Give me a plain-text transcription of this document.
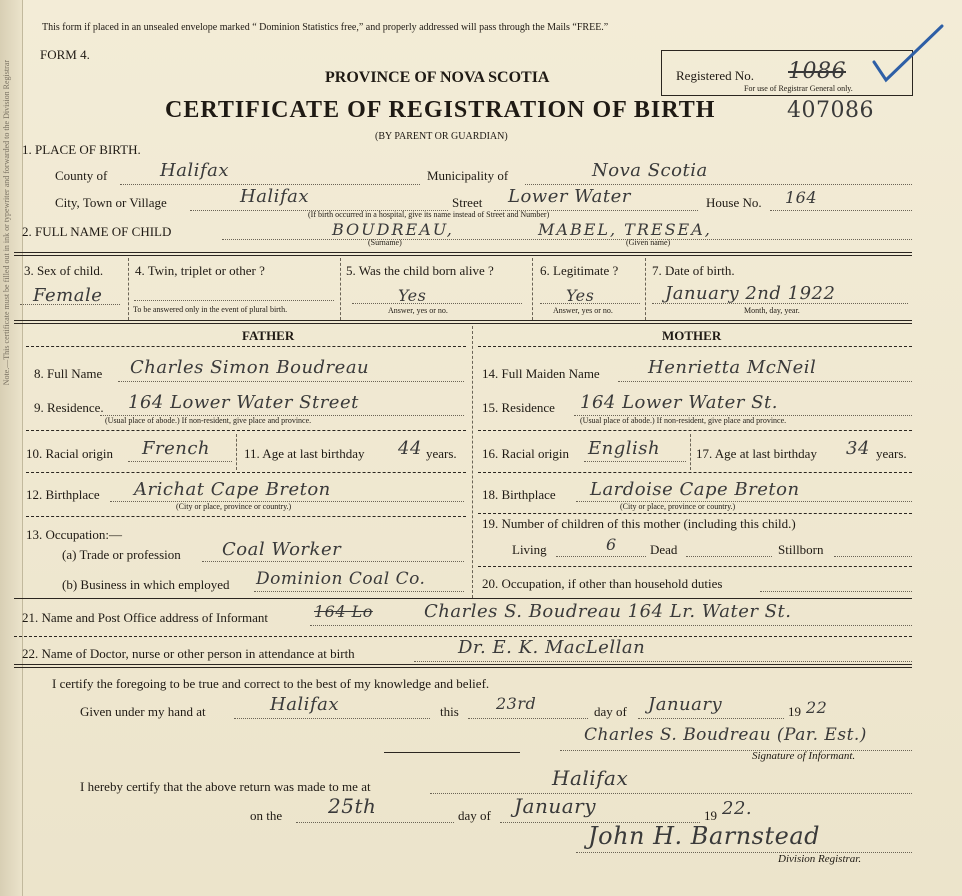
Note.—This certificate must be filled out in ink or typewriter and forwarded to the Division Registrar
This form if placed in an unsealed envelope marked “ Dominion Statistics free,” and properly addressed will pass through the Mails “FREE.”
FORM 4.
PROVINCE OF NOVA SCOTIA
CERTIFICATE OF REGISTRATION OF BIRTH	407086
(BY PARENT OR GUARDIAN)
Registered No. 1086
For use of Registrar General only.
1. PLACE OF BIRTH.
County of	Halifax	Municipality of	Nova Scotia
City, Town or Village	Halifax	Street Lower Water	House No. 164
(If birth occurred in a hospital, give its name instead of Street and Number)
2. FULL NAME OF CHILD	BOUDREAU,	MABEL, TRESEA,
(Surname)	(Given name)
3. Sex of child.
Female
4. Twin, triplet or other ?
To be answered only in the event of plural birth.
5. Was the child born alive ?
Yes
Answer, yes or no.
6. Legitimate ?
Yes
Answer, yes or no.
7. Date of birth.
January 2nd 1922
Month, day, year.
FATHER
8. Full Name Charles Simon Boudreau
9. Residence. 164 Lower Water Street
(Usual place of abode.) If non-resident, give place and province.
10. Racial origin French	11. Age at last birthday 44 years.
12. Birthplace Arichat Cape Breton
(City or place, province or country.)
13. Occupation:—
(a) Trade or profession Coal Worker
(b) Business in which employed Dominion Coal Co.
MOTHER
14. Full Maiden Name	Henrietta McNeil
15. Residence 164 Lower Water St.
(Usual place of abode.) If non-resident, give place and province.
16. Racial origin English	17. Age at last birthday 34 years.
18. Birthplace Lardoise Cape Breton
(City or place, province or country.)
19. Number of children of this mother (including this child.)
Living	6	Dead	Stillborn
20. Occupation, if other than household duties
21. Name and Post Office address of Informant	164 Lo	Charles S. Boudreau 164 Lr. Water St.
22. Name of Doctor, nurse or other person in attendance at birth	Dr. E. K. MacLellan
I certify the foregoing to be true and correct to the best of my knowledge and belief.
Given under my hand at	Halifax	this 23rd	day of January	19 22
Charles S. Boudreau (Par. Est.)
Signature of Informant.
I hereby certify that the above return was made to me at	Halifax
on the 25th	day of January	19 22.
John H. Barnstead
Division Registrar.
